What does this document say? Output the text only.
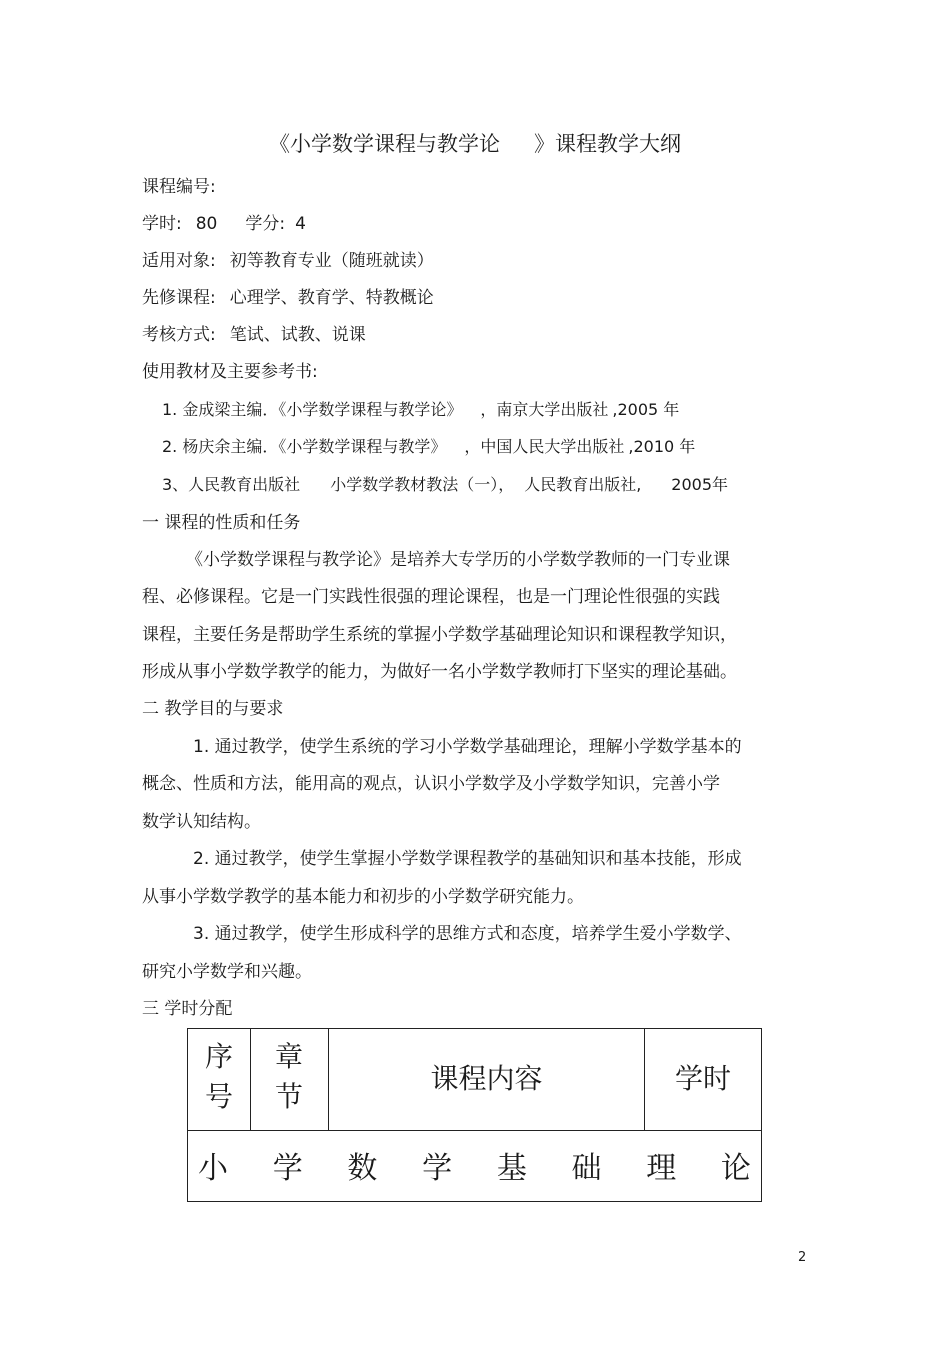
《小学数学课程与教学论 》课程教学大纲
课程编号:
学时: 80 学分: 4
适用对象: 初等教育专业（随班就读）
先修课程: 心理学、教育学、特教概论
考核方式: 笔试、试教、说课
使用教材及主要参考书:
1. 金成梁主编．《小学数学课程与教学论》 ，南京大学出版社 ,2005 年
2. 杨庆余主编．《小学数学课程与教学》 ，中国人民大学出版社 ,2010 年
3、人民教育出版社 小学数学教材教法（一）， 人民教育出版社, 2005年
一 课程的性质和任务
《小学数学课程与教学论》是培养大专学历的小学数学教师的一门专业课
程、必修课程。它是一门实践性很强的理论课程，也是一门理论性很强的实践
课程，主要任务是帮助学生系统的掌握小学数学基础理论知识和课程教学知识，
形成从事小学数学教学的能力，为做好一名小学数学教师打下坚实的理论基础。
二 教学目的与要求
1. 通过教学，使学生系统的学习小学数学基础理论，理解小学数学基本的
概念、性质和方法，能用高的观点，认识小学数学及小学数学知识，完善小学
数学认知结构。
2. 通过教学，使学生掌握小学数学课程教学的基础知识和基本技能，形成
从事小学数学教学的基本能力和初步的小学数学研究能力。
3. 通过教学，使学生形成科学的思维方式和态度，培养学生爱小学数学、
研究小学数学和兴趣。
三 学时分配
序
号
章
节
课程内容	学时
小 学 数 学 基 础 理 论
2
